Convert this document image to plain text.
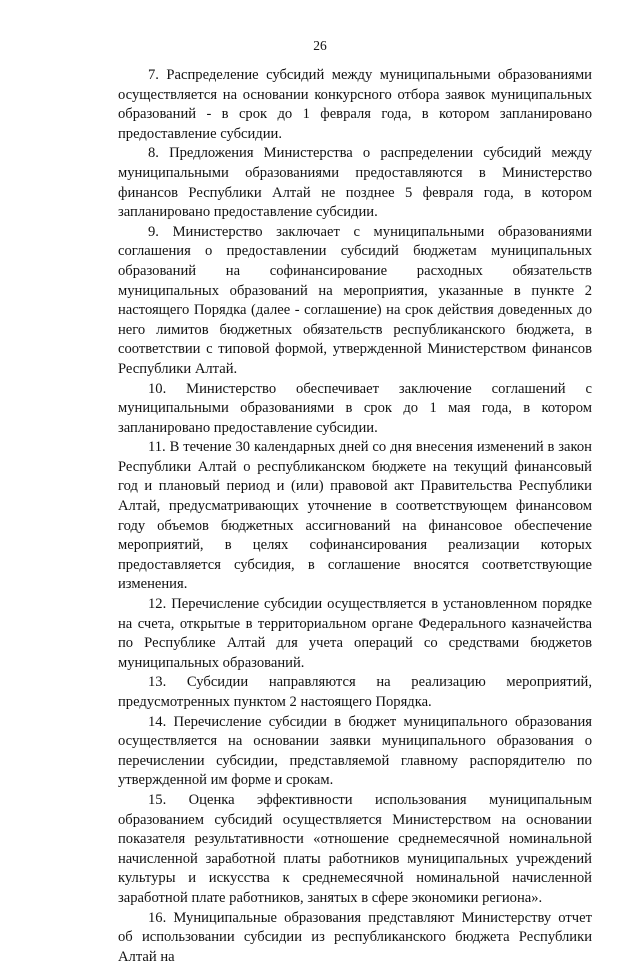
26

7. Распределение субсидий между муниципальными образованиями осуществляется на основании конкурсного отбора заявок муниципальных образований - в срок до 1 февраля года, в котором запланировано предоставление субсидии.

8. Предложения Министерства о распределении субсидий между муниципальными образованиями предоставляются в Министерство финансов Республики Алтай не позднее 5 февраля года, в котором запланировано предоставление субсидии.

9. Министерство заключает с муниципальными образованиями соглашения о предоставлении субсидий бюджетам муниципальных образований на софинансирование расходных обязательств муниципальных образований на мероприятия, указанные в пункте 2 настоящего Порядка (далее - соглашение) на срок действия доведенных до него лимитов бюджетных обязательств республиканского бюджета, в соответствии с типовой формой, утвержденной Министерством финансов Республики Алтай.

10. Министерство обеспечивает заключение соглашений с муниципальными образованиями в срок до 1 мая года, в котором запланировано предоставление субсидии.

11. В течение 30 календарных дней со дня внесения изменений в закон Республики Алтай о республиканском бюджете на текущий финансовый год и плановый период и (или) правовой акт Правительства Республики Алтай, предусматривающих уточнение в соответствующем финансовом году объемов бюджетных ассигнований на финансовое обеспечение мероприятий, в целях софинансирования реализации которых предоставляется субсидия, в соглашение вносятся соответствующие изменения.

12. Перечисление субсидии осуществляется в установленном порядке на счета, открытые в территориальном органе Федерального казначейства по Республике Алтай для учета операций со средствами бюджетов муниципальных образований.

13. Субсидии направляются на реализацию мероприятий, предусмотренных пунктом 2 настоящего Порядка.

14. Перечисление субсидии в бюджет муниципального образования осуществляется на основании заявки муниципального образования о перечислении субсидии, представляемой главному распорядителю по утвержденной им форме и срокам.

15. Оценка эффективности использования муниципальным образованием субсидий осуществляется Министерством на основании показателя результативности «отношение среднемесячной номинальной начисленной заработной платы работников муниципальных учреждений культуры и искусства к среднемесячной номинальной начисленной заработной плате работников, занятых в сфере экономики региона».

16. Муниципальные образования представляют Министерству отчет об использовании субсидии из республиканского бюджета Республики Алтай на
